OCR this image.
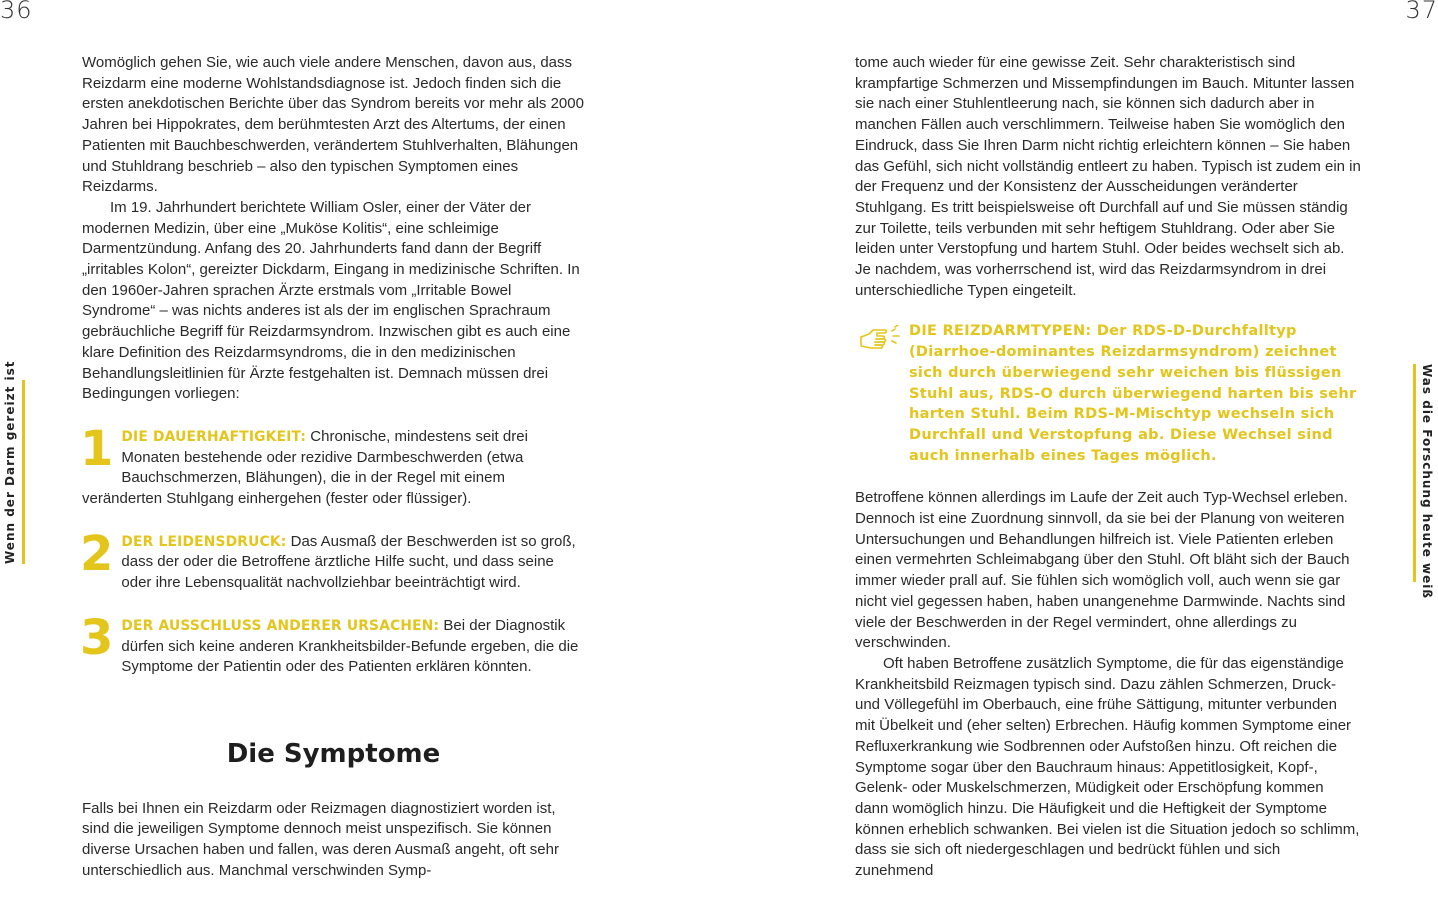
36	37
Wenn der Darm gereizt ist	Was die Forschung heute weiß

Womöglich gehen Sie, wie auch viele andere Menschen, davon aus, dass Reizdarm eine moderne Wohlstandsdiagnose ist. Jedoch finden sich die ersten anekdotischen Berichte über das Syndrom bereits vor mehr als 2000 Jahren bei Hippokrates, dem berühmtesten Arzt des Altertums, der einen Patienten mit Bauchbeschwerden, verändertem Stuhlverhalten, Blähungen und Stuhldrang beschrieb – also den typischen Symptomen eines Reizdarms.

Im 19. Jahrhundert berichtete William Osler, einer der Väter der modernen Medizin, über eine „Muköse Kolitis“, eine schleimige Darmentzündung. Anfang des 20. Jahrhunderts fand dann der Begriff „irritables Kolon“, gereizter Dickdarm, Eingang in medizinische Schriften. In den 1960er-Jahren sprachen Ärzte erstmals vom „Irritable Bowel Syndrome“ – was nichts anderes ist als der im englischen Sprachraum gebräuchliche Begriff für Reizdarmsyndrom. Inzwischen gibt es auch eine klare Definition des Reizdarmsyndroms, die in den medizinischen Behandlungsleitlinien für Ärzte festgehalten ist. Demnach müssen drei Bedingungen vorliegen:

1 DIE DAUERHAFTIGKEIT: Chronische, mindestens seit drei Monaten bestehende oder rezidive Darmbeschwerden (etwa Bauchschmerzen, Blähungen), die in der Regel mit einem veränderten Stuhlgang einhergehen (fester oder flüssiger).
2 DER LEIDENSDRUCK: Das Ausmaß der Beschwerden ist so groß, dass der oder die Betroffene ärztliche Hilfe sucht, und dass seine oder ihre Lebensqualität nachvollziehbar beeinträchtigt wird.
3 DER AUSSCHLUSS ANDERER URSACHEN: Bei der Diagnostik dürfen sich keine anderen Krankheitsbilder-Befunde ergeben, die die Symptome der Patientin oder des Patienten erklären könnten.
Die Symptome

Falls bei Ihnen ein Reizdarm oder Reizmagen diagnostiziert worden ist, sind die jeweiligen Symptome dennoch meist unspezifisch. Sie können diverse Ursachen haben und fallen, was deren Ausmaß angeht, oft sehr unterschiedlich aus. Manchmal verschwinden Symp-

tome auch wieder für eine gewisse Zeit. Sehr charakteristisch sind krampfartige Schmerzen und Missempfindungen im Bauch. Mitunter lassen sie nach einer Stuhlentleerung nach, sie können sich dadurch aber in manchen Fällen auch verschlimmern. Teilweise haben Sie womöglich den Eindruck, dass Sie Ihren Darm nicht richtig erleichtern können – Sie haben das Gefühl, sich nicht vollständig entleert zu haben. Typisch ist zudem ein in der Frequenz und der Konsistenz der Ausscheidungen veränderter Stuhlgang. Es tritt beispielsweise oft Durchfall auf und Sie müssen ständig zur Toilette, teils verbunden mit sehr heftigem Stuhldrang. Oder aber Sie leiden unter Verstopfung und hartem Stuhl. Oder beides wechselt sich ab. Je nachdem, was vorherrschend ist, wird das Reizdarmsyndrom in drei unterschiedliche Typen eingeteilt.

DIE REIZDARMTYPEN: Der RDS-D-Durchfalltyp (Diarrhoe-dominantes Reizdarmsyndrom) zeichnet sich durch überwiegend sehr weichen bis flüssigen Stuhl aus, RDS-O durch überwiegend harten bis sehr harten Stuhl. Beim RDS-M-Mischtyp wechseln sich Durchfall und Verstopfung ab. Diese Wechsel sind auch innerhalb eines Tages möglich.

Betroffene können allerdings im Laufe der Zeit auch Typ-Wechsel erleben. Dennoch ist eine Zuordnung sinnvoll, da sie bei der Planung von weiteren Untersuchungen und Behandlungen hilfreich ist. Viele Patienten erleben einen vermehrten Schleimabgang über den Stuhl. Oft bläht sich der Bauch immer wieder prall auf. Sie fühlen sich womöglich voll, auch wenn sie gar nicht viel gegessen haben, haben unangenehme Darmwinde. Nachts sind viele der Beschwerden in der Regel vermindert, ohne allerdings zu verschwinden.

Oft haben Betroffene zusätzlich Symptome, die für das eigenständige Krankheitsbild Reizmagen typisch sind. Dazu zählen Schmerzen, Druck- und Völlegefühl im Oberbauch, eine frühe Sättigung, mitunter verbunden mit Übelkeit und (eher selten) Erbrechen. Häufig kommen Symptome einer Refluxerkrankung wie Sodbrennen oder Aufstoßen hinzu. Oft reichen die Symptome sogar über den Bauchraum hinaus: Appetitlosigkeit, Kopf-, Gelenk- oder Muskelschmerzen, Müdigkeit oder Erschöpfung kommen dann womöglich hinzu. Die Häufigkeit und die Heftigkeit der Symptome können erheblich schwanken. Bei vielen ist die Situation jedoch so schlimm, dass sie sich oft niedergeschlagen und bedrückt fühlen und sich zunehmend
